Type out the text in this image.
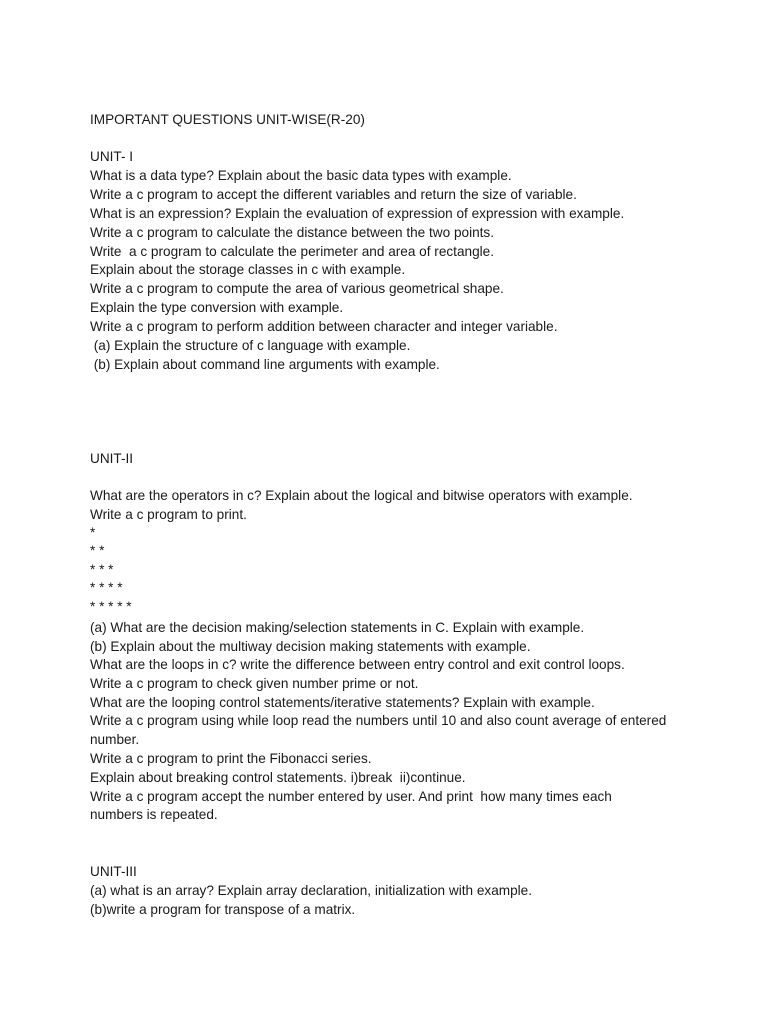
IMPORTANT QUESTIONS UNIT-WISE(R-20)
UNIT- I
What is a data type? Explain about the basic data types with example.
Write a c program to accept the different variables and return the size of variable.
What is an expression? Explain the evaluation of expression of expression with example.
Write a c program to calculate the distance between the two points.
Write  a c program to calculate the perimeter and area of rectangle.
Explain about the storage classes in c with example.
Write a c program to compute the area of various geometrical shape.
Explain the type conversion with example.
Write a c program to perform addition between character and integer variable.
(a) Explain the structure of c language with example.
(b) Explain about command line arguments with example.
UNIT-II
What are the operators in c? Explain about the logical and bitwise operators with example.
Write a c program to print.
*
* *
* * *
* * * *
* * * * *
(a) What are the decision making/selection statements in C. Explain with example.
(b) Explain about the multiway decision making statements with example.
What are the loops in c? write the difference between entry control and exit control loops.
Write a c program to check given number prime or not.
What are the looping control statements/iterative statements? Explain with example.
Write a c program using while loop read the numbers until 10 and also count average of entered
number.
Write a c program to print the Fibonacci series.
Explain about breaking control statements. i)break  ii)continue.
Write a c program accept the number entered by user. And print  how many times each
numbers is repeated.
UNIT-III
(a) what is an array? Explain array declaration, initialization with example.
(b)write a program for transpose of a matrix.
